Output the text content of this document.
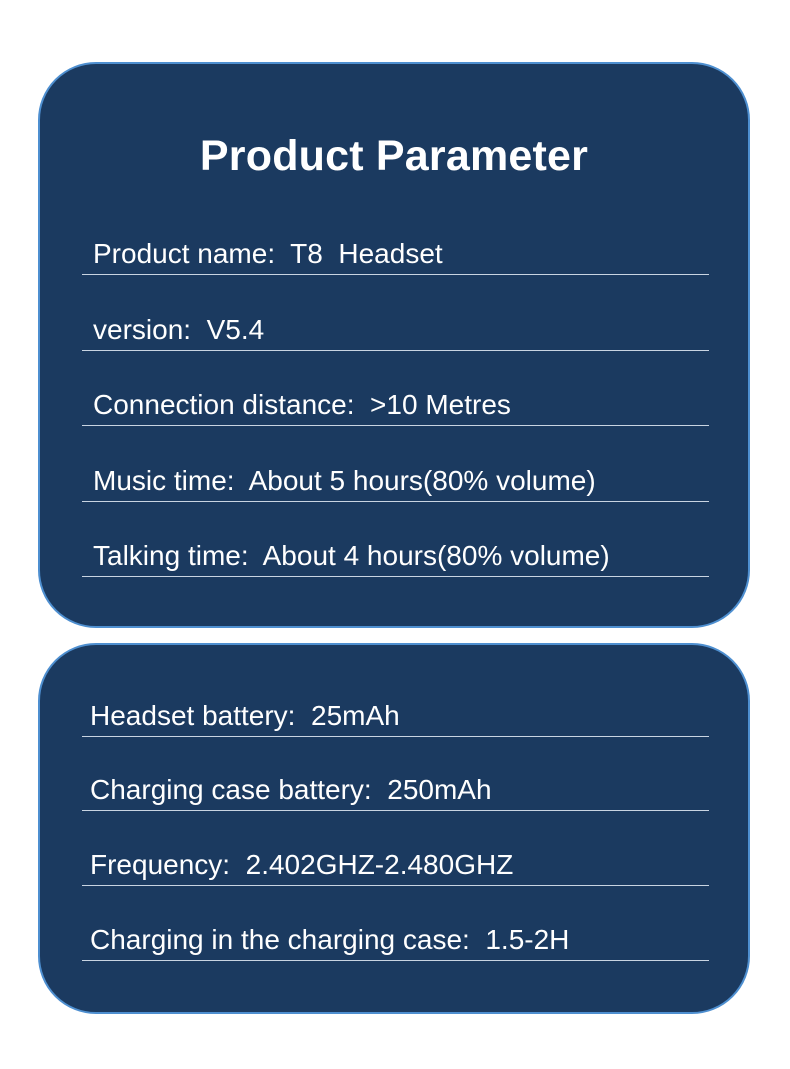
Product Parameter

Product name:  T8  Headset

version:  V5.4

Connection distance:  >10 Metres

Music time:  About 5 hours(80% volume)

Talking time:  About 4 hours(80% volume)

Headset battery:  25mAh

Charging case battery:  250mAh

Frequency:  2.402GHZ-2.480GHZ

Charging in the charging case:  1.5-2H
